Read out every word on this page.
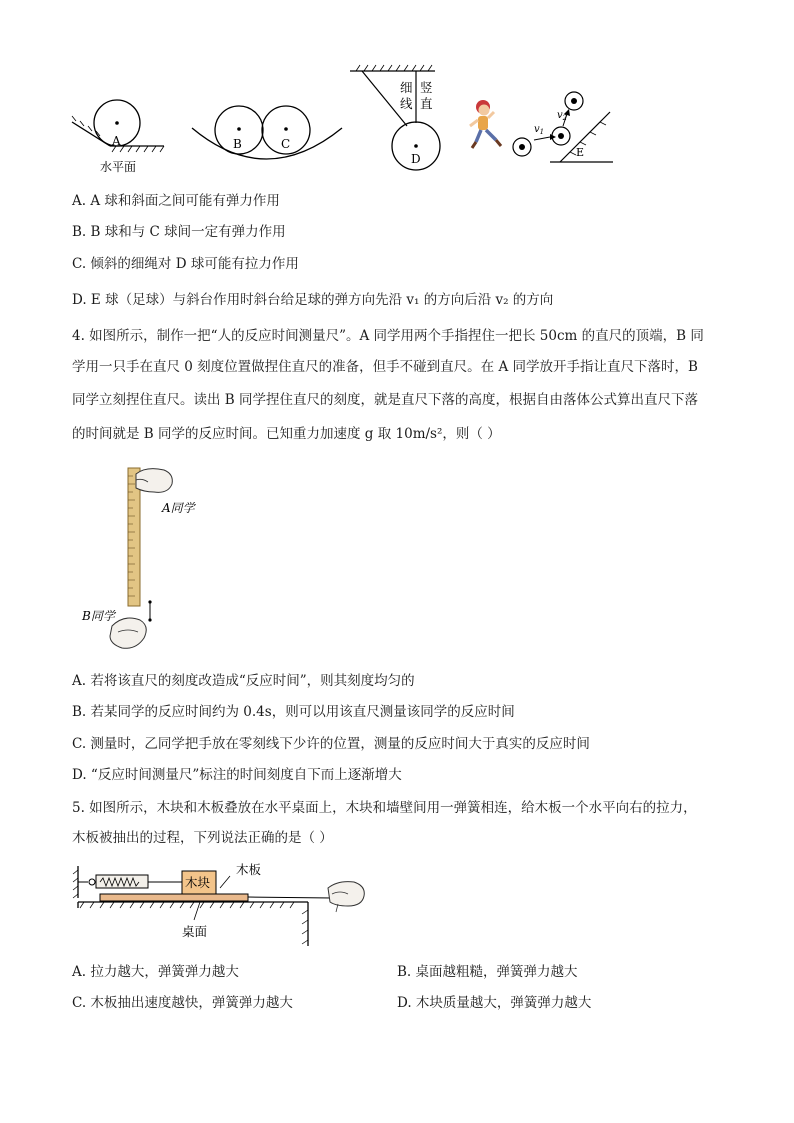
A
水平面
B	C
D
细
线
竖
直
E
$v_1$
$v_2$
A. A 球和斜面之间可能有弹力作用
B. B 球和与 C 球间一定有弹力作用
C. 倾斜的细绳对 D 球可能有拉力作用
D. E 球（足球）与斜台作用时斜台给足球的弹方向先沿 v₁ 的方向后沿 v₂ 的方向
4. 如图所示，制作一把“人的反应时间测量尺”。A 同学用两个手指捏住一把长 50cm 的直尺的顶端，B 同
学用一只手在直尺 0 刻度位置做捏住直尺的准备，但手不碰到直尺。在 A 同学放开手指让直尺下落时，B
同学立刻捏住直尺。读出 B 同学捏住直尺的刻度，就是直尺下落的高度，根据自由落体公式算出直尺下落
的时间就是 B 同学的反应时间。已知重力加速度 g 取 10m/s²，则（ ）
A同学
B同学
A. 若将该直尺的刻度改造成“反应时间”，则其刻度均匀的
B. 若某同学的反应时间约为 0.4s，则可以用该直尺测量该同学的反应时间
C. 测量时，乙同学把手放在零刻线下少许的位置，测量的反应时间大于真实的反应时间
D. “反应时间测量尺”标注的时间刻度自下而上逐渐增大
5. 如图所示，木块和木板叠放在水平桌面上，木块和墙壁间用一弹簧相连，给木板一个水平向右的拉力，
木板被抽出的过程，下列说法正确的是（ ）
木块
木板
桌面
A. 拉力越大，弹簧弹力越大	B. 桌面越粗糙，弹簧弹力越大
C. 木板抽出速度越快，弹簧弹力越大	D. 木块质量越大，弹簧弹力越大
